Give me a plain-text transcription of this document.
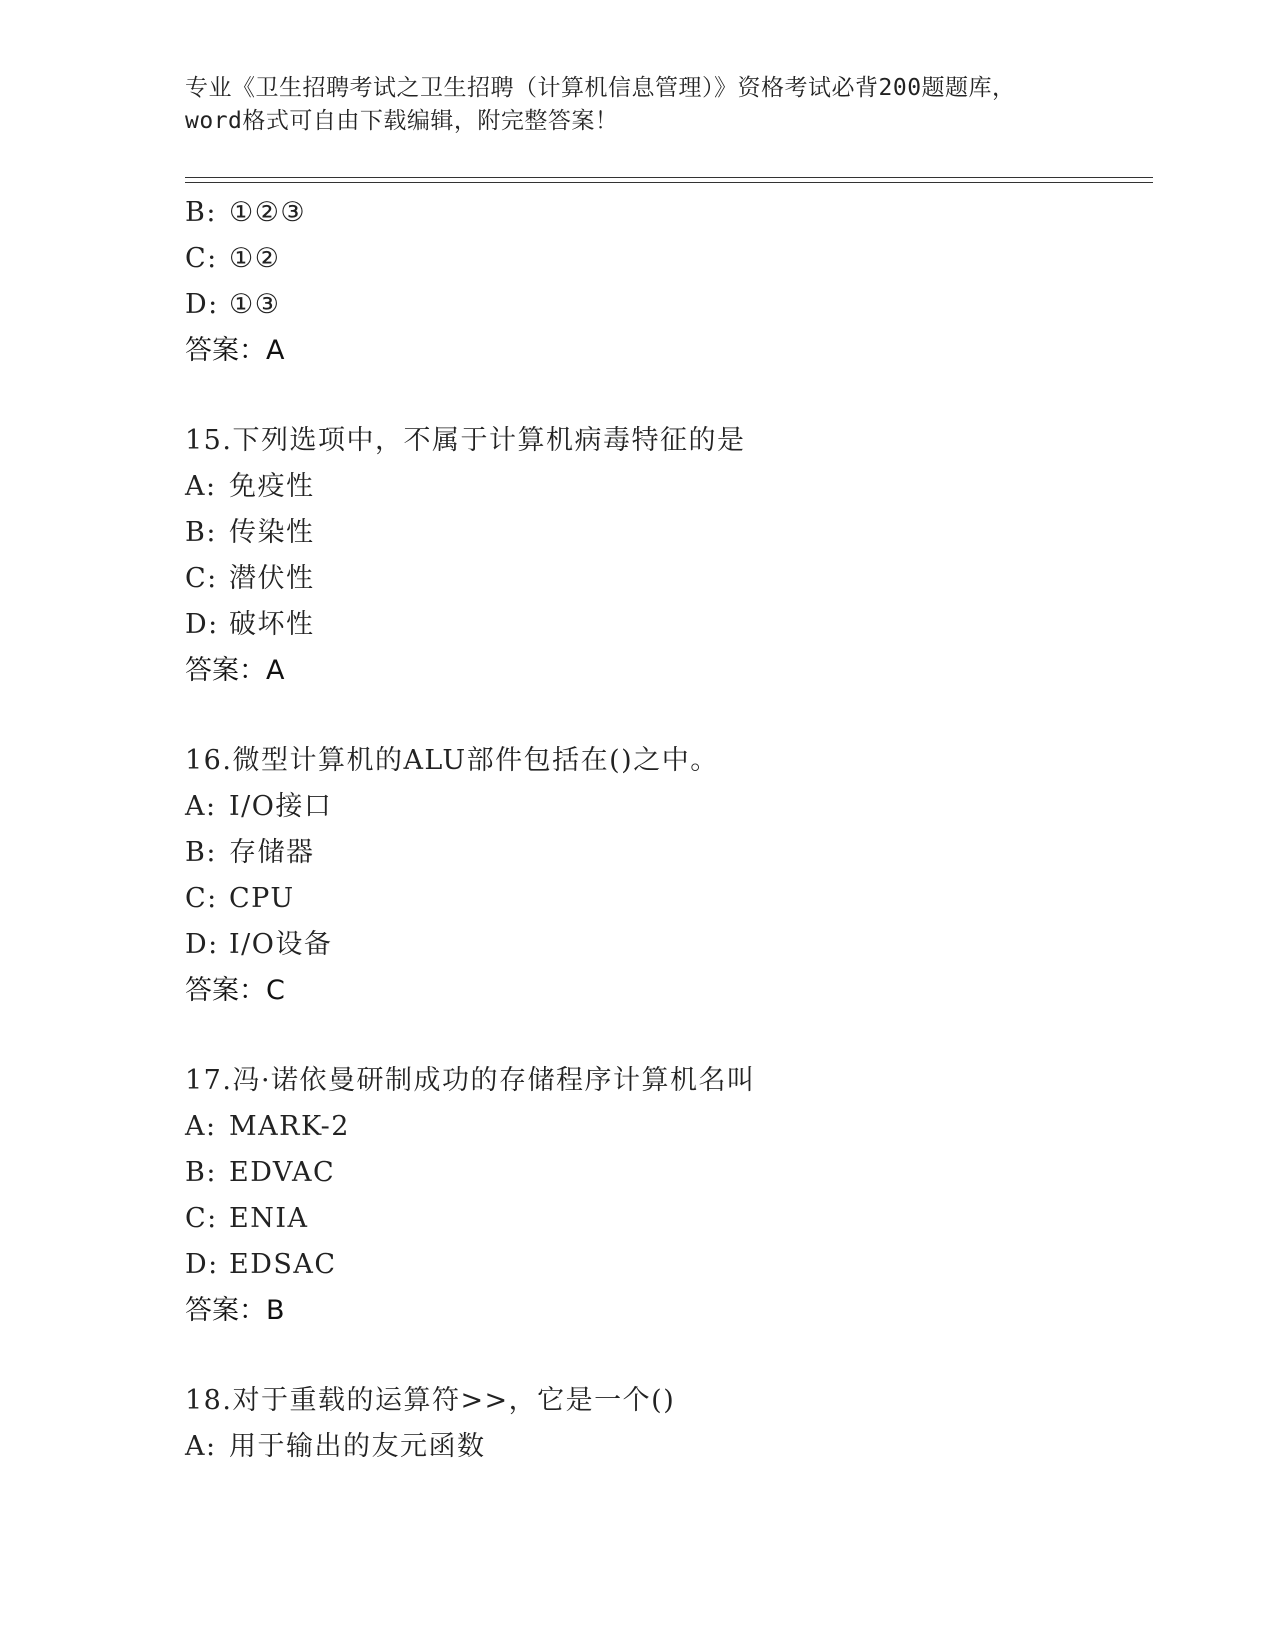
专业《卫生招聘考试之卫生招聘（计算机信息管理）》资格考试必背200题题库，
word格式可自由下载编辑，附完整答案！
B: ①②③
C: ①②
D: ①③
答案：A
15.下列选项中，不属于计算机病毒特征的是
A: 免疫性
B: 传染性
C: 潜伏性
D: 破坏性
答案：A
16.微型计算机的ALU部件包括在()之中。
A: I/O接口
B: 存储器
C: CPU
D: I/O设备
答案：C
17.冯·诺依曼研制成功的存储程序计算机名叫
A: MARK-2
B: EDVAC
C: ENIA
D: EDSAC
答案：B
18.对于重载的运算符>>，它是一个()
A: 用于输出的友元函数
